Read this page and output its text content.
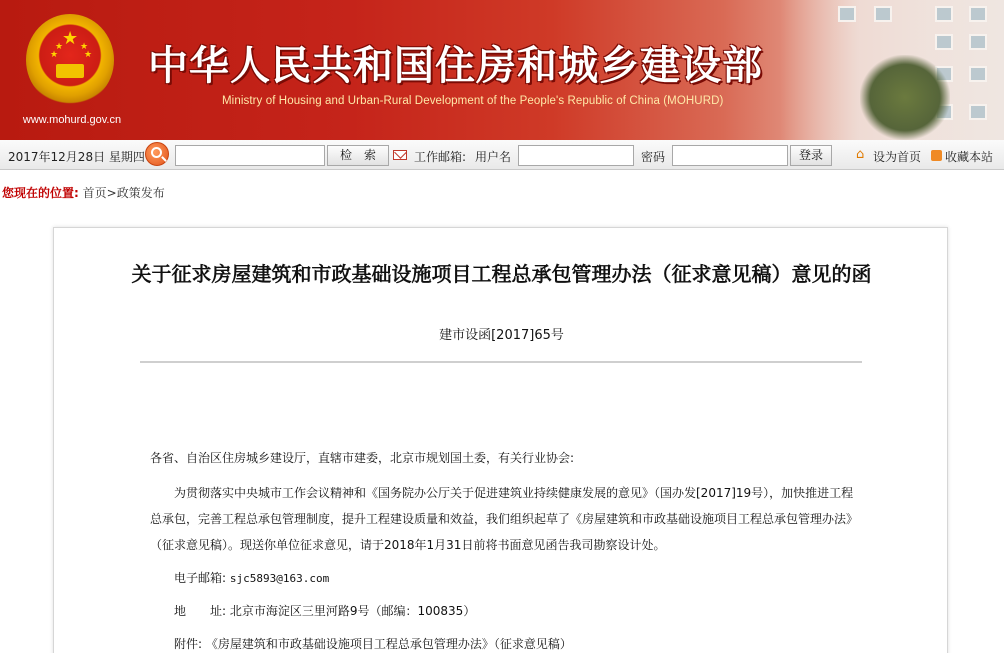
★
★
★ ★
★
www.mohurd.gov.cn
中华人民共和国住房和城乡建设部
Ministry of Housing and Urban-Rural Development of the People's Republic of China (MOHURD)
2017年12月28日 星期四	检　索	工作邮箱: 用户名	密码	登录	⌂ 设为首页 收藏本站
您现在的位置: 首页>政策发布
关于征求房屋建筑和市政基础设施项目工程总承包管理办法（征求意见稿）意见的函
建市设函[2017]65号

各省、自治区住房城乡建设厅，直辖市建委，北京市规划国土委，有关行业协会:

为贯彻落实中央城市工作会议精神和《国务院办公厅关于促进建筑业持续健康发展的意见》（国办发[2017]19号），加快推进工程总承包，完善工程总承包管理制度，提升工程建设质量和效益，我们组织起草了《房屋建筑和市政基础设施项目工程总承包管理办法》（征求意见稿）。现送你单位征求意见，请于2018年1月31日前将书面意见函告我司勘察设计处。

电子邮箱: sjc5893@163.com

地　　址: 北京市海淀区三里河路9号（邮编：100835）

附件: 《房屋建筑和市政基础设施项目工程总承包管理办法》（征求意见稿）
